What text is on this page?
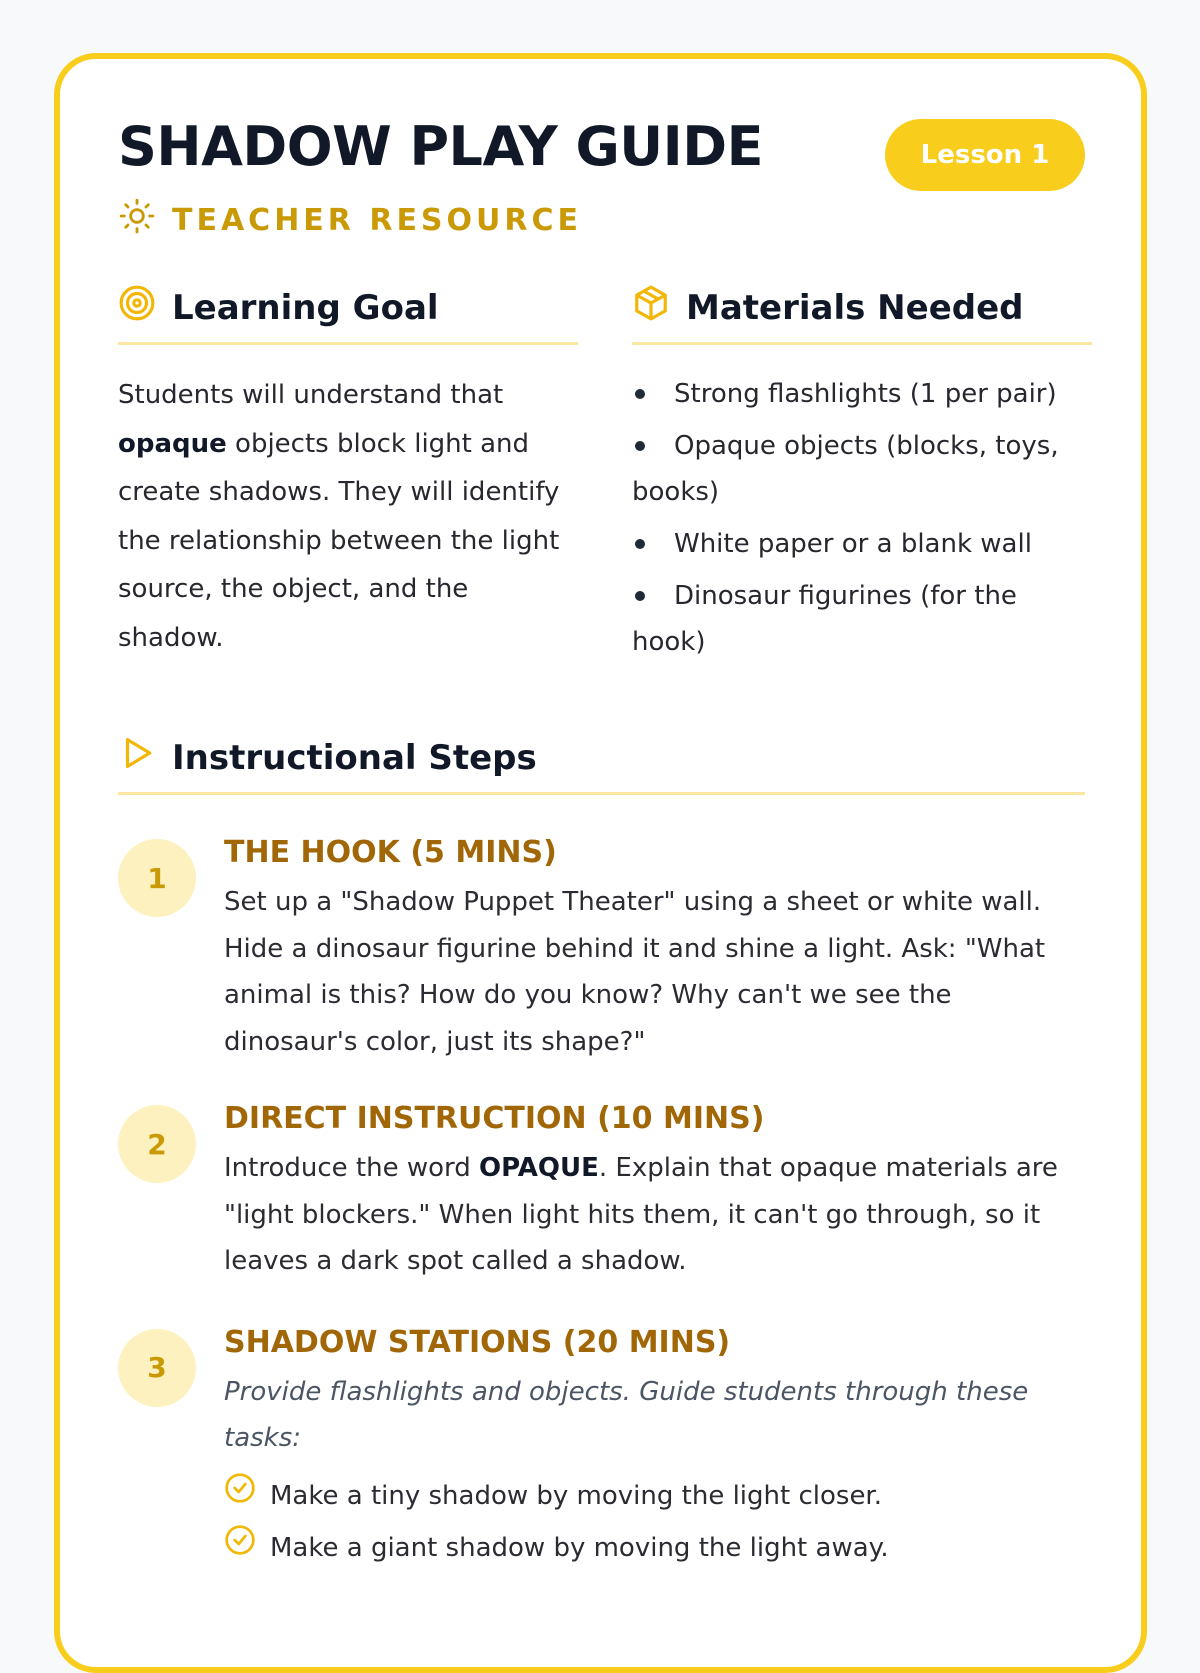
SHADOW PLAY GUIDE	Lesson 1
TEACHER RESOURCE
Learning Goal

Students will understand that opaque objects block light and create shadows. They will identify the relationship between the light source, the object, and the shadow.

Materials Needed
Strong flashlights (1 per pair)
Opaque objects (blocks, toys, books)
White paper or a blank wall
Dinosaur figurines (for the hook)
Instructional Steps
1
THE HOOK (5 MINS)

Set up a "Shadow Puppet Theater" using a sheet or white wall. Hide a dinosaur figurine behind it and shine a light. Ask: "What animal is this? How do you know? Why can't we see the dinosaur's color, just its shape?"

2
DIRECT INSTRUCTION (10 MINS)

Introduce the word OPAQUE. Explain that opaque materials are "light blockers." When light hits them, it can't go through, so it leaves a dark spot called a shadow.

3
SHADOW STATIONS (20 MINS)

Provide flashlights and objects. Guide students through these tasks:

Make a tiny shadow by moving the light closer.
Make a giant shadow by moving the light away.
